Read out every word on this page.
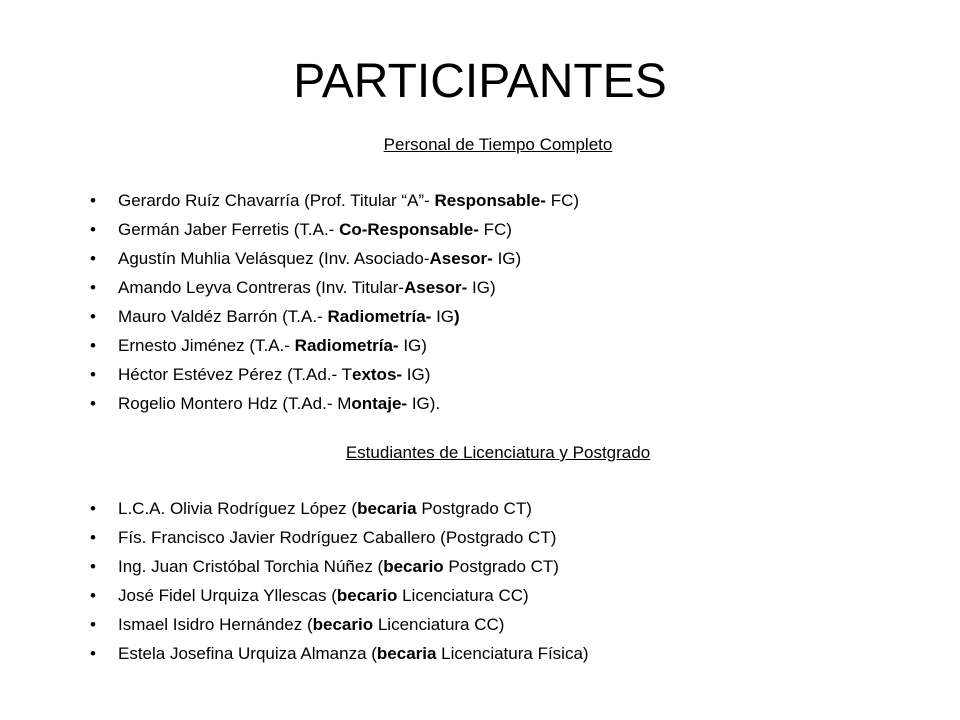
PARTICIPANTES
Personal de Tiempo Completo
• Gerardo Ruíz Chavarría (Prof. Titular “A”- Responsable- FC)
• Germán Jaber Ferretis (T.A.- Co-Responsable- FC)
• Agustín Muhlia Velásquez (Inv. Asociado-Asesor- IG)
• Amando Leyva Contreras (Inv. Titular-Asesor- IG)
• Mauro Valdéz Barrón (T.A.- Radiometría- IG)
• Ernesto Jiménez (T.A.- Radiometría- IG)
• Héctor Estévez Pérez (T.Ad.- Textos- IG)
• Rogelio Montero Hdz (T.Ad.- Montaje- IG).
Estudiantes de Licenciatura y Postgrado
• L.C.A. Olivia Rodríguez López (becaria Postgrado CT)
• Fís. Francisco Javier Rodríguez Caballero (Postgrado CT)
• Ing. Juan Cristóbal Torchia Núñez (becario Postgrado CT)
• José Fidel Urquiza Yllescas (becario Licenciatura CC)
• Ismael Isidro Hernández (becario Licenciatura CC)
• Estela Josefina Urquiza Almanza (becaria Licenciatura Física)
